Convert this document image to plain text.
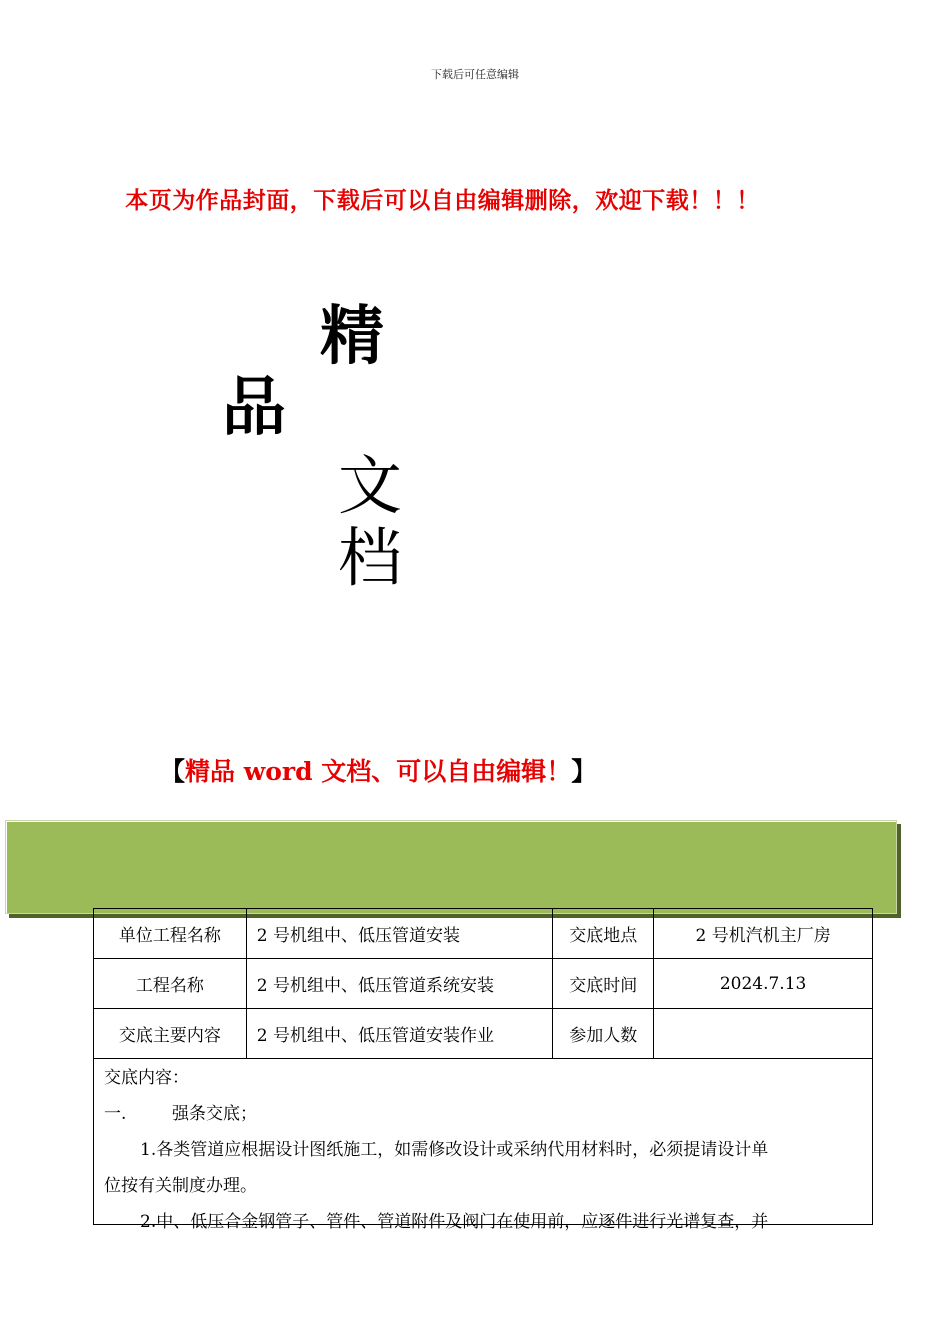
下载后可任意编辑
本页为作品封面，下载后可以自由编辑删除，欢迎下载！！！
精
品
文
档
【精品 word 文档、可以自由编辑！】
单位工程名称	2 号机组中、低压管道安装	交底地点	2 号机汽机主厂房
工程名称	2 号机组中、低压管道系统安装	交底时间	2024.7.13
交底主要内容	2 号机组中、低压管道安装作业	参加人数	

交底内容：

一.	强条交底；

1.各类管道应根据设计图纸施工，如需修改设计或采纳代用材料时，必须提请设计单

位按有关制度办理。

2.中、低压合金钢管子、管件、管道附件及阀门在使用前，应逐件进行光谱复查，并
